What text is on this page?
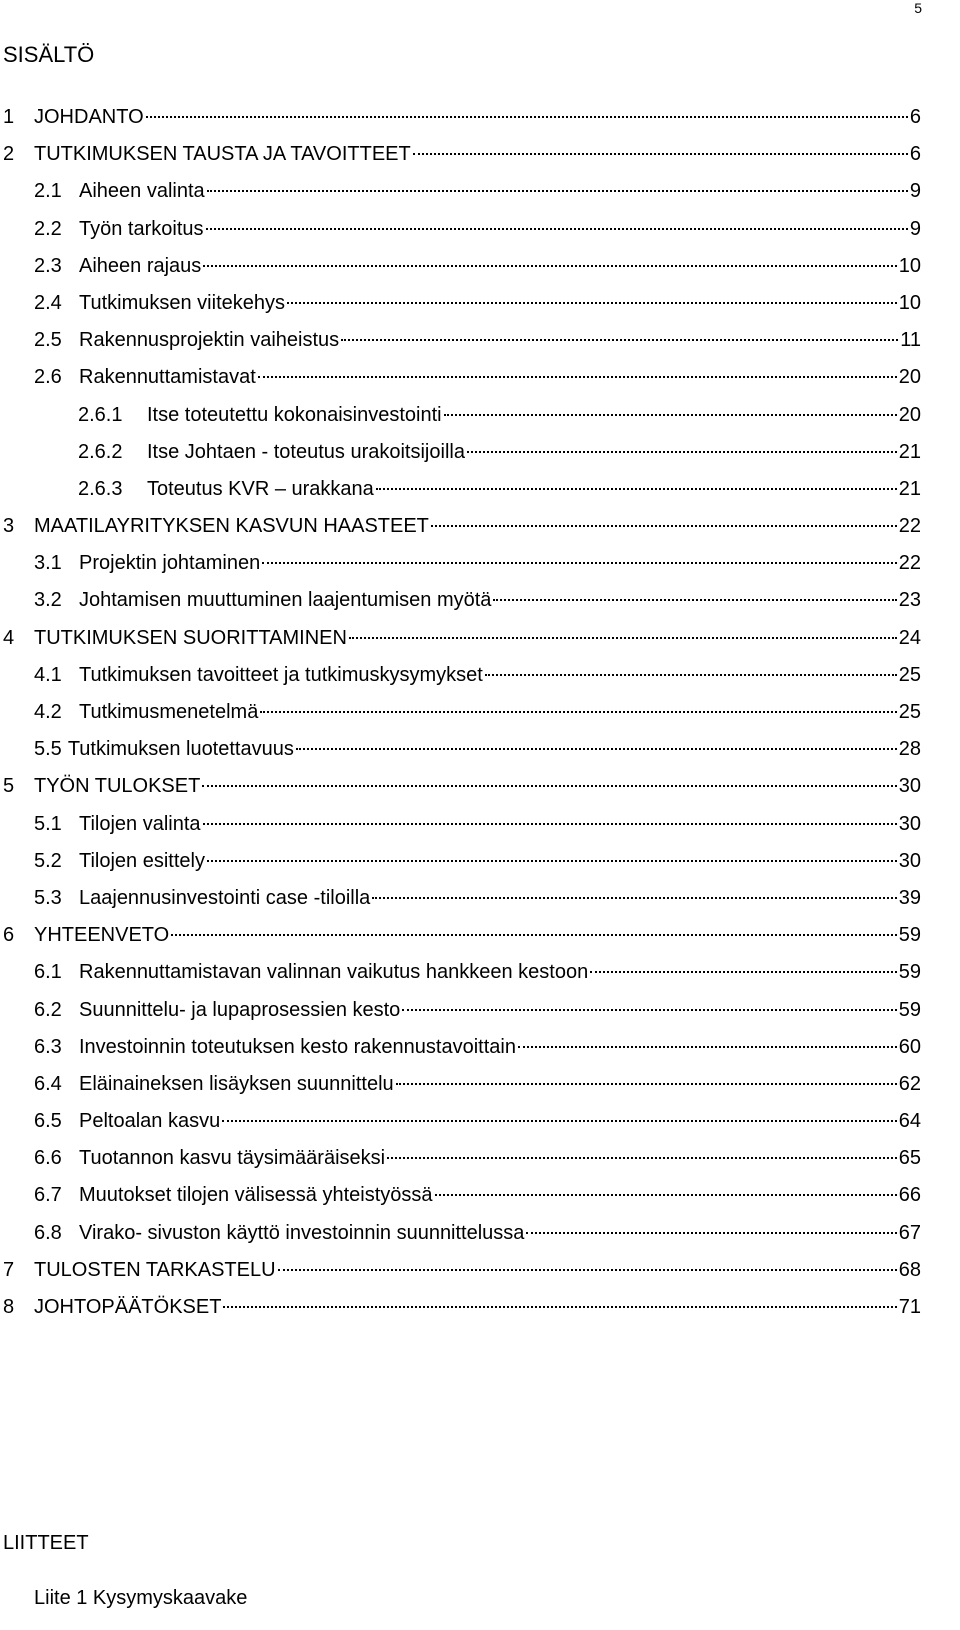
5
SISÄLTÖ
1 JOHDANTO	6
2 TUTKIMUKSEN TAUSTA JA TAVOITTEET	6
2.1 Aiheen valinta	9
2.2 Työn tarkoitus	9
2.3 Aiheen rajaus	10
2.4 Tutkimuksen viitekehys	10
2.5 Rakennusprojektin vaiheistus	11
2.6 Rakennuttamistavat	20
2.6.1	Itse toteutettu kokonaisinvestointi	20
2.6.2	Itse Johtaen - toteutus urakoitsijoilla	21
2.6.3	Toteutus KVR – urakkana	21
3 MAATILAYRITYKSEN KASVUN HAASTEET	22
3.1 Projektin johtaminen	22
3.2 Johtamisen muuttuminen laajentumisen myötä	23
4 TUTKIMUKSEN SUORITTAMINEN	24
4.1 Tutkimuksen tavoitteet ja tutkimuskysymykset	25
4.2 Tutkimusmenetelmä	25
5.5 Tutkimuksen luotettavuus	28
5 TYÖN TULOKSET	30
5.1 Tilojen valinta	30
5.2 Tilojen esittely	30
5.3 Laajennusinvestointi case -tiloilla	39
6 YHTEENVETO	59
6.1 Rakennuttamistavan valinnan vaikutus hankkeen kestoon	59
6.2 Suunnittelu- ja lupaprosessien kesto	59
6.3 Investoinnin toteutuksen kesto rakennustavoittain	60
6.4 Eläinaineksen lisäyksen suunnittelu	62
6.5 Peltoalan kasvu	64
6.6 Tuotannon kasvu täysimääräiseksi	65
6.7 Muutokset tilojen välisessä yhteistyössä	66
6.8 Virako- sivuston käyttö investoinnin suunnittelussa	67
7 TULOSTEN TARKASTELU	68
8 JOHTOPÄÄTÖKSET	71
LIITTEET
Liite 1 Kysymyskaavake
